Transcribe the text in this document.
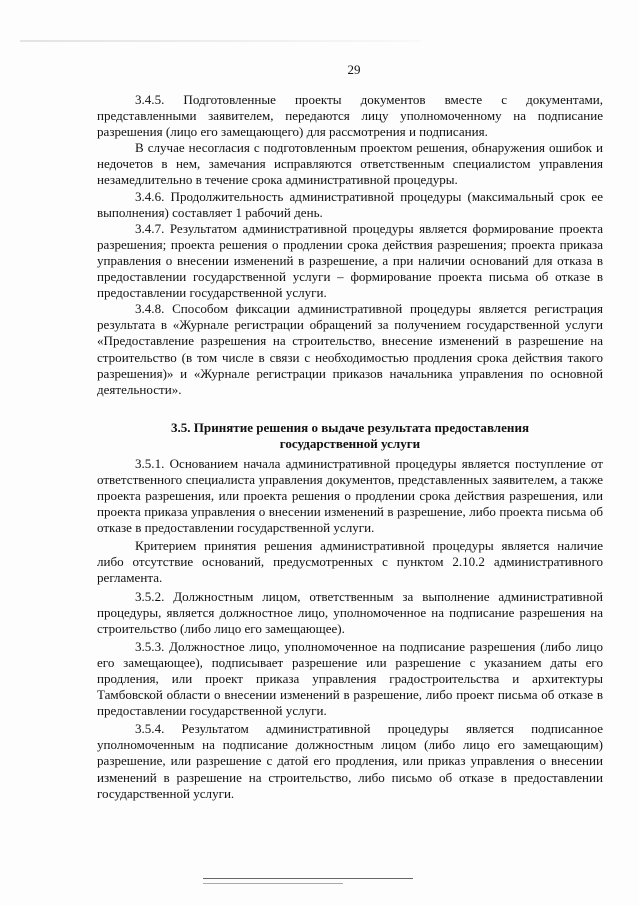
29

3.4.5. Подготовленные проекты документов вместе с документами, представленными заявителем, передаются лицу уполномоченному на подписание разрешения (лицо его замещающего) для рассмотрения и подписания.

В случае несогласия с подготовленным проектом решения, обнаружения ошибок и недочетов в нем, замечания исправляются ответственным специалистом управления незамедлительно в течение срока административной процедуры.

3.4.6. Продолжительность административной процедуры (максимальный срок ее выполнения) составляет 1 рабочий день.

3.4.7. Результатом административной процедуры является формирование проекта разрешения; проекта решения о продлении срока действия разрешения; проекта приказа управления о внесении изменений в разрешение, а при наличии оснований для отказа в предоставлении государственной услуги – формирование проекта письма об отказе в предоставлении государственной услуги.

3.4.8. Способом фиксации административной процедуры является регистрация результата в «Журнале регистрации обращений за получением государственной услуги «Предоставление разрешения на строительство, внесение изменений в разрешение на строительство (в том числе в связи с необходимостью продления срока действия такого разрешения)» и «Журнале регистрации приказов начальника управления по основной деятельности».

3.5. Принятие решения о выдаче результата предоставления
государственной услуги

3.5.1. Основанием начала административной процедуры является поступление от ответственного специалиста управления документов, представленных заявителем, а также проекта разрешения, или проекта решения о продлении срока действия разрешения, или проекта приказа управления о внесении изменений в разрешение, либо проекта письма об отказе в предоставлении государственной услуги.

Критерием принятия решения административной процедуры является наличие либо отсутствие оснований, предусмотренных с пунктом 2.10.2 административного регламента.

3.5.2. Должностным лицом, ответственным за выполнение административной процедуры, является должностное лицо, уполномоченное на подписание разрешения на строительство (либо лицо его замещающее).

3.5.3. Должностное лицо, уполномоченное на подписание разрешения (либо лицо его замещающее), подписывает разрешение или разрешение с указанием даты его продления, или проект приказа управления градостроительства и архитектуры Тамбовской области о внесении изменений в разрешение, либо проект письма об отказе в предоставлении государственной услуги.

3.5.4. Результатом административной процедуры является подписанное уполномоченным на подписание должностным лицом (либо лицо его замещающим) разрешение, или разрешение с датой его продления, или приказ управления о внесении изменений в разрешение на строительство, либо письмо об отказе в предоставлении государственной услуги.
